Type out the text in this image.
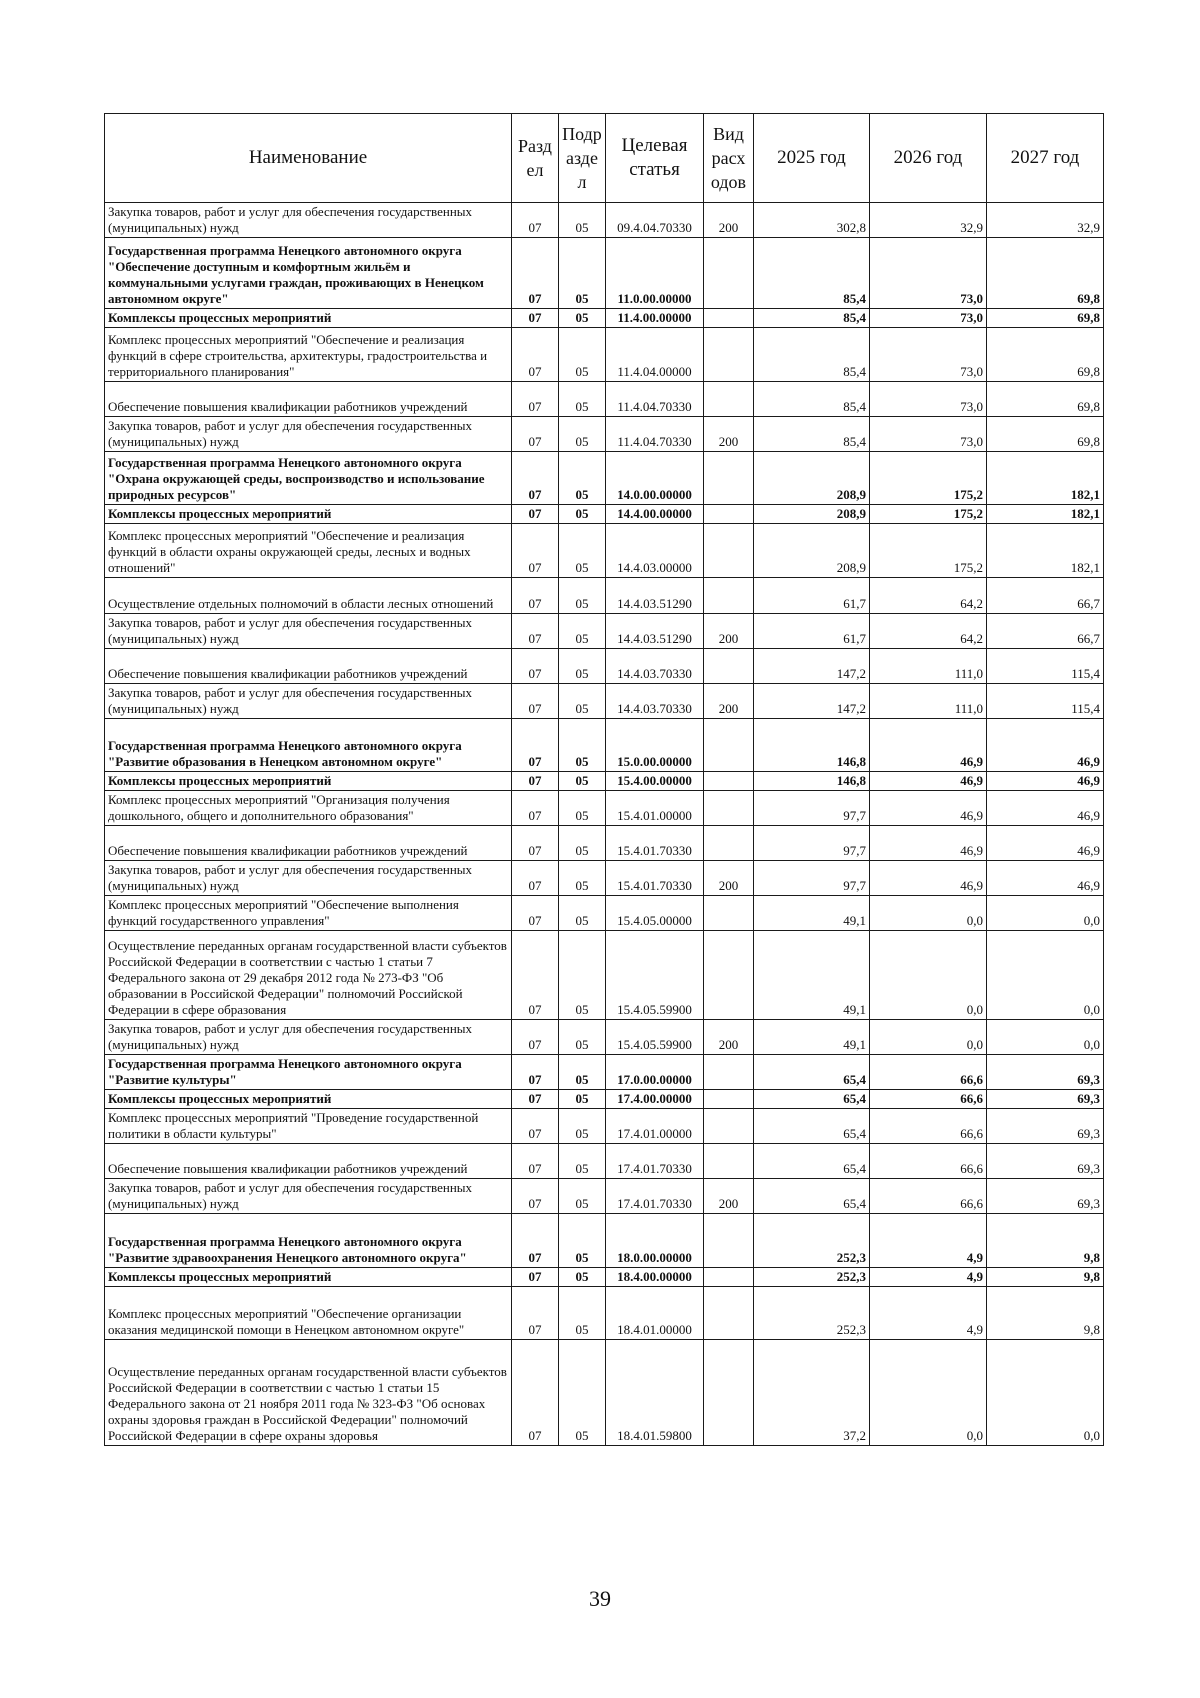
Наименование	Разд ел	Подр азде л	Целевая статья	Вид расх одов	2025 год	2026 год	2027 год
Закупка товаров, работ и услуг для обеспечения государственных (муниципальных) нужд	07	05	09.4.04.70330	200	302,8	32,9	32,9
Государственная программа Ненецкого автономного округа "Обеспечение доступным и комфортным жильём и коммунальными услугами граждан, проживающих в Ненецком автономном округе"	07	05	11.0.00.00000		85,4	73,0	69,8
Комплексы процессных мероприятий	07	05	11.4.00.00000		85,4	73,0	69,8
Комплекс процессных мероприятий "Обеспечение и реализация функций в сфере строительства, архитектуры, градостроительства и территориального планирования"	07	05	11.4.04.00000		85,4	73,0	69,8
Обеспечение повышения квалификации работников учреждений	07	05	11.4.04.70330		85,4	73,0	69,8
Закупка товаров, работ и услуг для обеспечения государственных (муниципальных) нужд	07	05	11.4.04.70330	200	85,4	73,0	69,8
Государственная программа Ненецкого автономного округа "Охрана окружающей среды, воспроизводство и использование природных ресурсов"	07	05	14.0.00.00000		208,9	175,2	182,1
Комплексы процессных мероприятий	07	05	14.4.00.00000		208,9	175,2	182,1
Комплекс процессных мероприятий "Обеспечение и реализация функций в области охраны окружающей среды, лесных и водных отношений"	07	05	14.4.03.00000		208,9	175,2	182,1
Осуществление отдельных полномочий в области лесных отношений	07	05	14.4.03.51290		61,7	64,2	66,7
Закупка товаров, работ и услуг для обеспечения государственных (муниципальных) нужд	07	05	14.4.03.51290	200	61,7	64,2	66,7
Обеспечение повышения квалификации работников учреждений	07	05	14.4.03.70330		147,2	111,0	115,4
Закупка товаров, работ и услуг для обеспечения государственных (муниципальных) нужд	07	05	14.4.03.70330	200	147,2	111,0	115,4
Государственная программа Ненецкого автономного округа "Развитие образования в Ненецком автономном округе"	07	05	15.0.00.00000		146,8	46,9	46,9
Комплексы процессных мероприятий	07	05	15.4.00.00000		146,8	46,9	46,9
Комплекс процессных мероприятий "Организация получения дошкольного, общего и дополнительного образования"	07	05	15.4.01.00000		97,7	46,9	46,9
Обеспечение повышения квалификации работников учреждений	07	05	15.4.01.70330		97,7	46,9	46,9
Закупка товаров, работ и услуг для обеспечения государственных (муниципальных) нужд	07	05	15.4.01.70330	200	97,7	46,9	46,9
Комплекс процессных мероприятий "Обеспечение выполнения функций государственного управления"	07	05	15.4.05.00000		49,1	0,0	0,0
Осуществление переданных органам государственной власти субъектов Российской Федерации в соответствии с частью 1 статьи 7 Федерального закона от 29 декабря 2012 года № 273-ФЗ "Об образовании в Российской Федерации" полномочий Российской Федерации в сфере образования	07	05	15.4.05.59900		49,1	0,0	0,0
Закупка товаров, работ и услуг для обеспечения государственных (муниципальных) нужд	07	05	15.4.05.59900	200	49,1	0,0	0,0
Государственная программа Ненецкого автономного округа "Развитие культуры"	07	05	17.0.00.00000		65,4	66,6	69,3
Комплексы процессных мероприятий	07	05	17.4.00.00000		65,4	66,6	69,3
Комплекс процессных мероприятий "Проведение государственной политики в области культуры"	07	05	17.4.01.00000		65,4	66,6	69,3
Обеспечение повышения квалификации работников учреждений	07	05	17.4.01.70330		65,4	66,6	69,3
Закупка товаров, работ и услуг для обеспечения государственных (муниципальных) нужд	07	05	17.4.01.70330	200	65,4	66,6	69,3
Государственная программа Ненецкого автономного округа "Развитие здравоохранения Ненецкого автономного округа"	07	05	18.0.00.00000		252,3	4,9	9,8
Комплексы процессных мероприятий	07	05	18.4.00.00000		252,3	4,9	9,8
Комплекс процессных мероприятий "Обеспечение организации оказания медицинской помощи в Ненецком автономном округе"	07	05	18.4.01.00000		252,3	4,9	9,8
Осуществление переданных органам государственной власти субъектов Российской Федерации в соответствии с частью 1 статьи 15 Федерального закона от 21 ноября 2011 года № 323-ФЗ "Об основах охраны здоровья граждан в Российской Федерации" полномочий Российской Федерации в сфере охраны здоровья	07	05	18.4.01.59800		37,2	0,0	0,0
39
